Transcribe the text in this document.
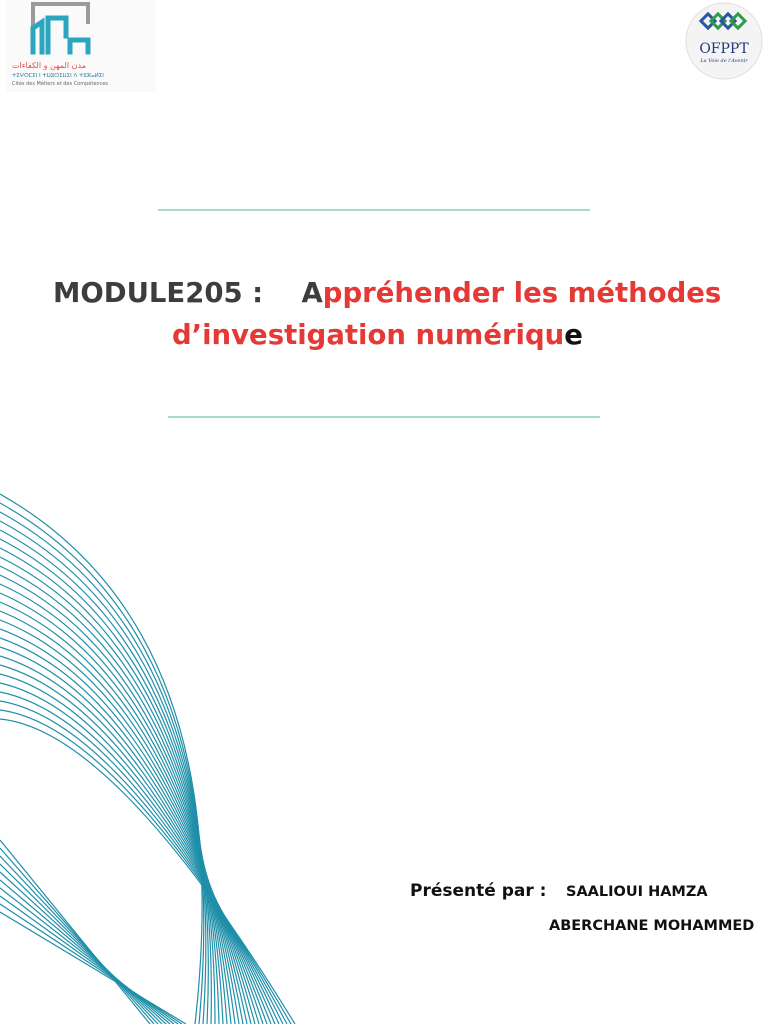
مدن المهن و الكفاءات
ⵜⵉⵖⵔⵎⵉⵏ ⵏ ⵜⵡⵓⵔⵉⵡⵉⵏ ⴷ ⵜⵓⵣⴰⵍⵉⵏ
Cités des Métiers et des Compétences
OFPPT
La Voie de l'Avenir
MODULE205 : Appréhender les méthodes
d’investigation numérique
Présenté par : SAALIOUI HAMZA
ABERCHANE MOHAMMED
